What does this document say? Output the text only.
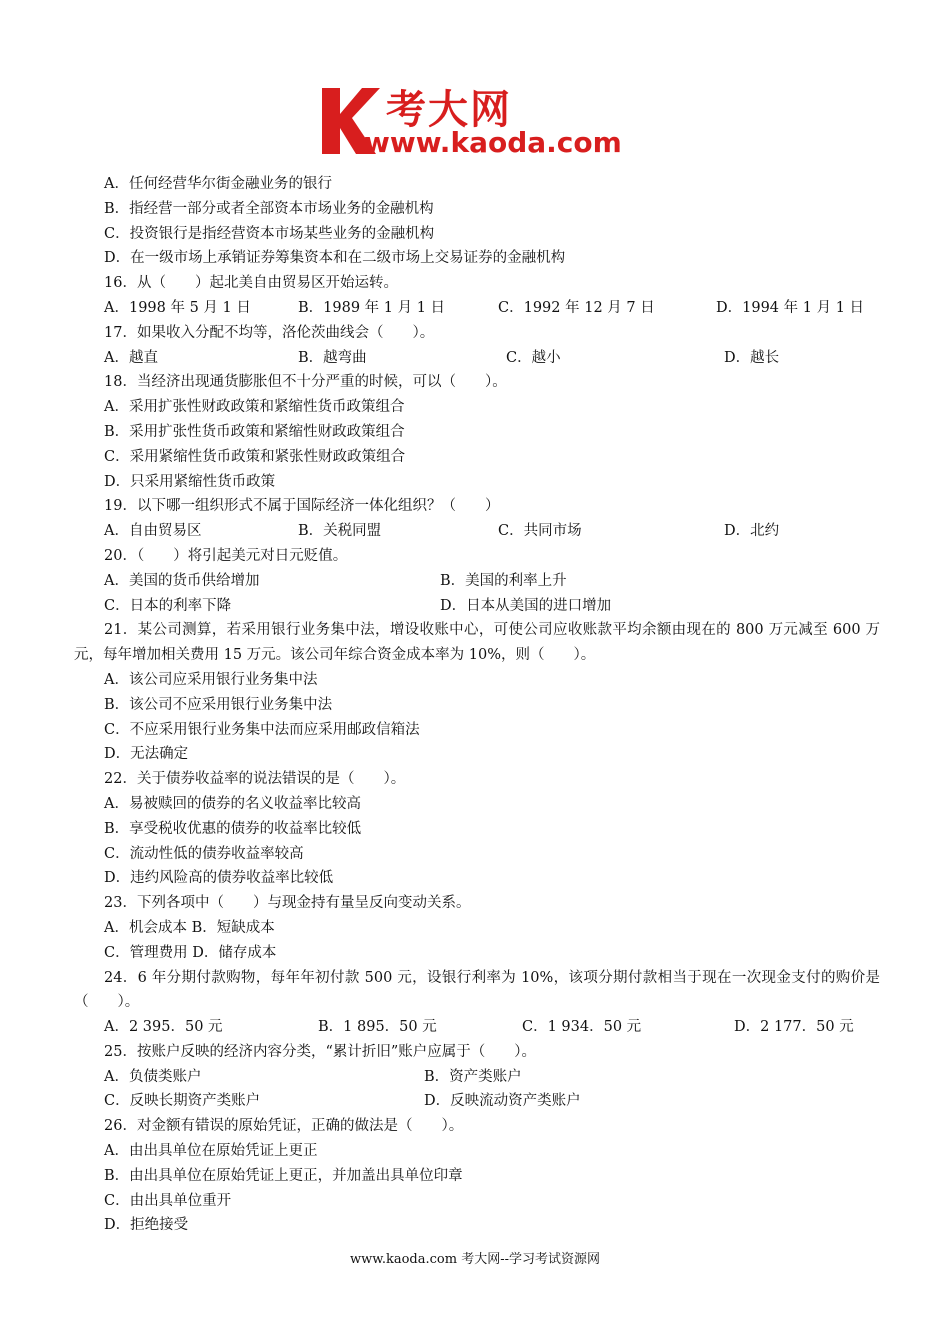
考大网
www.kaoda.com
A．任何经营华尔街金融业务的银行
B．指经营一部分或者全部资本市场业务的金融机构
C．投资银行是指经营资本市场某些业务的金融机构
D．在一级市场上承销证券筹集资本和在二级市场上交易证券的金融机构
16．从（　　）起北美自由贸易区开始运转。
A．1998 年 5 月 1 日	B．1989 年 1 月 1 日	C．1992 年 12 月 7 日	D．1994 年 1 月 1 日
17．如果收入分配不均等，洛伦茨曲线会（　　）。
A．越直	B．越弯曲	C．越小	D．越长
18．当经济出现通货膨胀但不十分严重的时候，可以（　　）。
A．采用扩张性财政政策和紧缩性货币政策组合
B．采用扩张性货币政策和紧缩性财政政策组合
C．采用紧缩性货币政策和紧张性财政政策组合
D．只采用紧缩性货币政策
19．以下哪一组织形式不属于国际经济一体化组织？（　　）
A．自由贸易区	B．关税同盟	C．共同市场	D．北约
20．（　　）将引起美元对日元贬值。
A．美国的货币供给增加	B．美国的利率上升
C．日本的利率下降	D．日本从美国的进口增加
21．某公司测算，若采用银行业务集中法，增设收账中心，可使公司应收账款平均余额由现在的 800 万元减至 600 万元，每年增加相关费用 15 万元。该公司年综合资金成本率为 10%，则（　　）。
A．该公司应采用银行业务集中法
B．该公司不应采用银行业务集中法
C．不应采用银行业务集中法而应采用邮政信箱法
D．无法确定
22．关于债券收益率的说法错误的是（　　）。
A．易被赎回的债券的名义收益率比较高
B．享受税收优惠的债券的收益率比较低
C．流动性低的债券收益率较高
D．违约风险高的债券收益率比较低
23．下列各项中（　　）与现金持有量呈反向变动关系。
A．机会成本 B．短缺成本
C．管理费用 D．储存成本
24．6 年分期付款购物，每年年初付款 500 元，设银行利率为 10%，该项分期付款相当于现在一次现金支付的购价是（　　）。
A．2 395．50 元	B．1 895．50 元	C．1 934．50 元	D．2 177．50 元
25．按账户反映的经济内容分类，“累计折旧”账户应属于（　　）。
A．负债类账户	B．资产类账户
C．反映长期资产类账户	D．反映流动资产类账户
26．对金额有错误的原始凭证，正确的做法是（　　）。
A．由出具单位在原始凭证上更正
B．由出具单位在原始凭证上更正，并加盖出具单位印章
C．由出具单位重开
D．拒绝接受
www.kaoda.com 考大网--学习考试资源网
